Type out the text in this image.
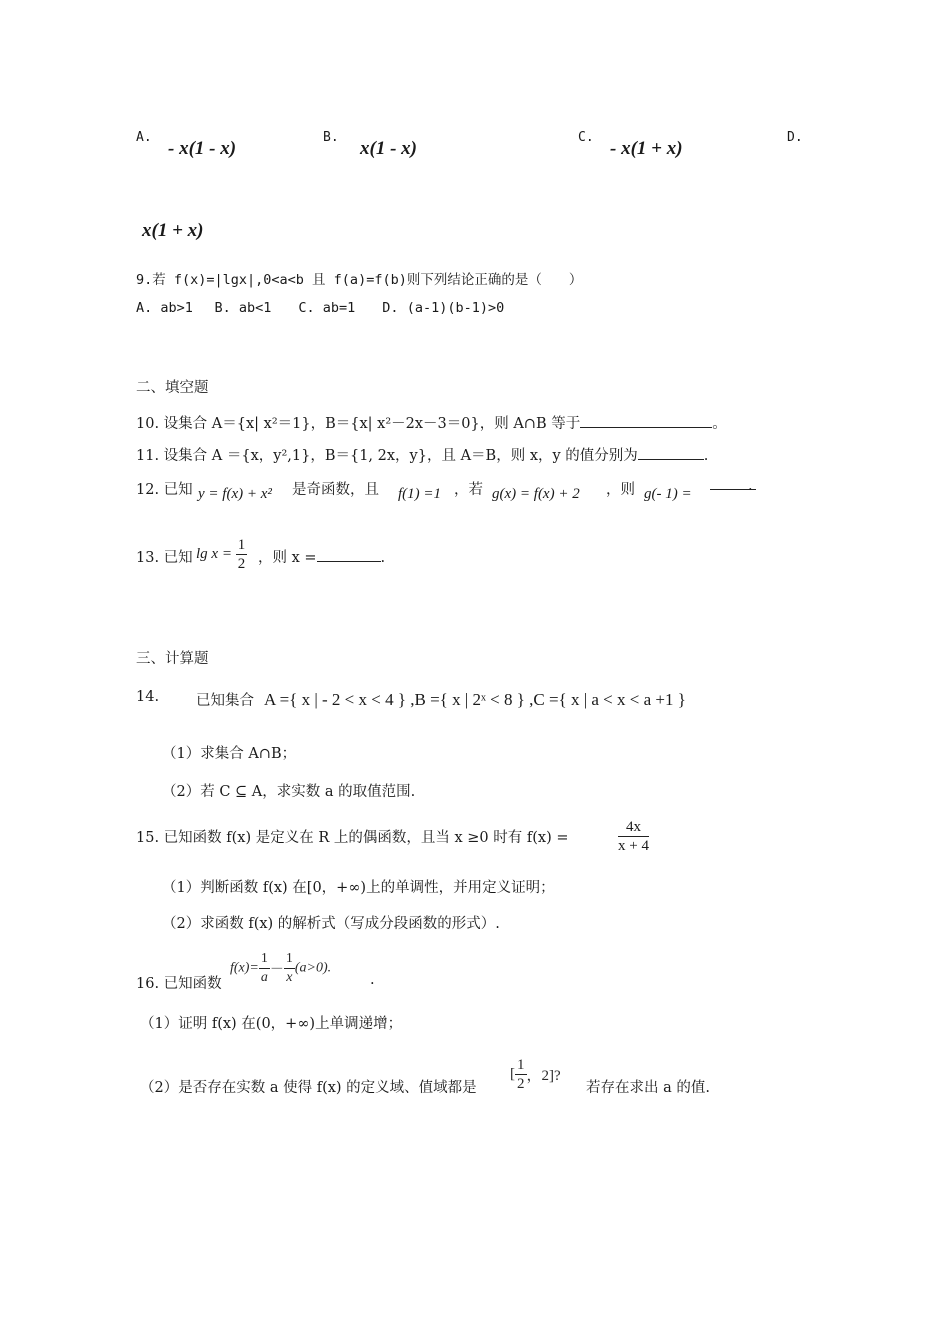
A.
- x(1 - x)
B.
x(1 - x)
C.
- x(1 + x)
D.
x(1 + x)
9.若 f(x)=|lgx|,0<a<b 且 f(a)=f(b)则下列结论正确的是（　　）
A. ab>1　 B. ab<1　　C. ab=1　　D. (a-1)(b-1)>0
二、填空题
10. 设集合 A＝{x| x²＝1}，B＝{x| x²－2x－3＝0}，则 A∩B 等于	。
11. 设集合 A ＝{x，y²,1}，B＝{1, 2x，y}，且 A＝B，则 x，y 的值分别为	.
12. 已知 y = f(x) + x² 是奇函数，且 f(1) =1 ，若 g(x) = f(x) + 2 ，则 g(- 1) =	.
13. 已知 $\lg x = \frac{1}{2}$ ，则 x =	.
三、计算题
14.	已知集合 A ={ x | - 2 < x < 4 } ,B ={ x | 2ˣ < 8 } ,C ={ x | a < x < a +1 }
（1）求集合 A∩B；
（2）若 C ⊆ A，求实数 a 的取值范围.
15. 已知函数 f(x) 是定义在 R 上的偶函数，且当 x ≥0 时有 f(x) =	$\frac{4x}{x + 4}$
（1）判断函数 f(x) 在[0，+∞)上的单调性，并用定义证明；
（2）求函数 f(x) 的解析式（写成分段函数的形式）.
16. 已知函数
$f(x)= \frac{1}{a} - \frac{1}{x} (a>0)$.
.
（1）证明 f(x) 在(0，+∞)上单调递增；
（2）是否存在实数 a 使得 f(x) 的定义域、值域都是
[ $\frac{1}{2}$ ，2]?
若存在求出 a 的值.
